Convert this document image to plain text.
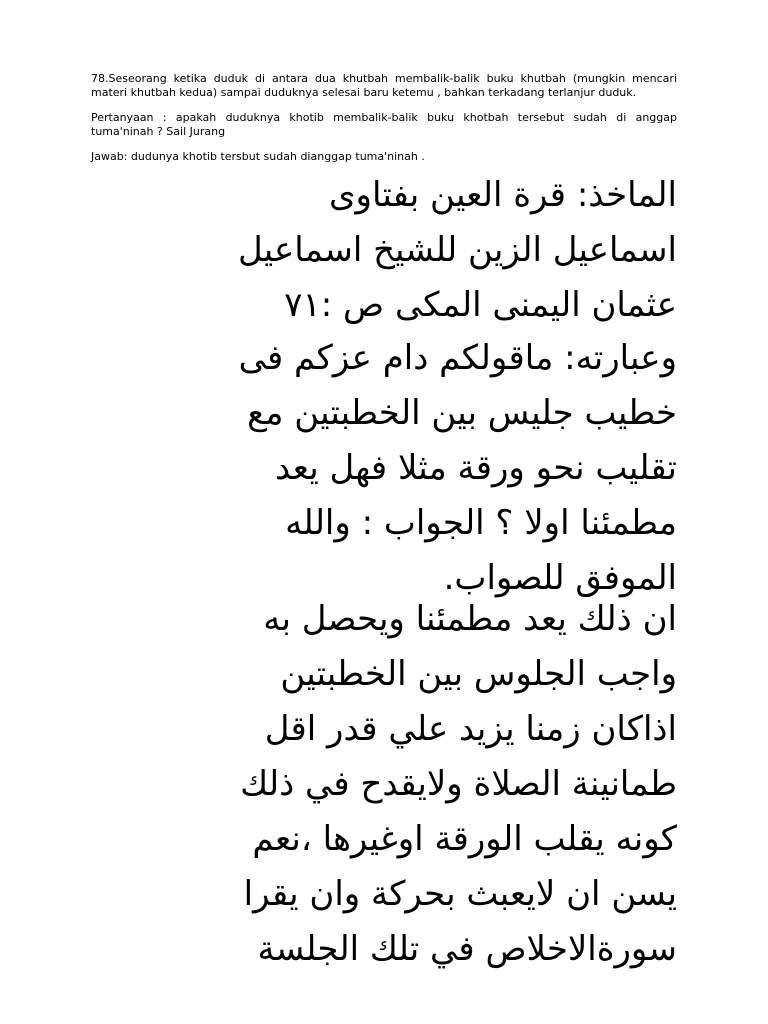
78.Seseorang ketika duduk di antara dua khutbah membalik-balik buku khutbah (mungkin mencari materi khutbah kedua) sampai duduknya selesai baru ketemu , bahkan terkadang terlanjur duduk.

Pertanyaan : apakah duduknya khotib membalik-balik buku khotbah tersebut sudah di anggap tuma'ninah ? Sail Jurang

Jawab: dudunya khotib tersbut sudah dianggap tuma'ninah .

الماخذ: قرة العين بفتاوى
اسماعيل الزين للشيخ اسماعيل
عثمان اليمنى المكى ص :٧١
وعبارته: ماقولكم دام عزكم فى
خطيب جليس بين الخطبتين مع
تقليب نحو ورقة مثلا فهل يعد
مطمئنا اولا ؟ الجواب : والله
الموفق للصواب.
ان ذلك يعد مطمئنا ويحصل به
واجب الجلوس بين الخطبتين
اذاكان زمنا يزيد علي قدر اقل
طمانينة الصلاة ولايقدح في ذلك
كونه يقلب الورقة اوغيرها ،نعم
يسن ان لايعبث بحركة وان يقرا
سورةالاخلاص في تلك الجلسة
